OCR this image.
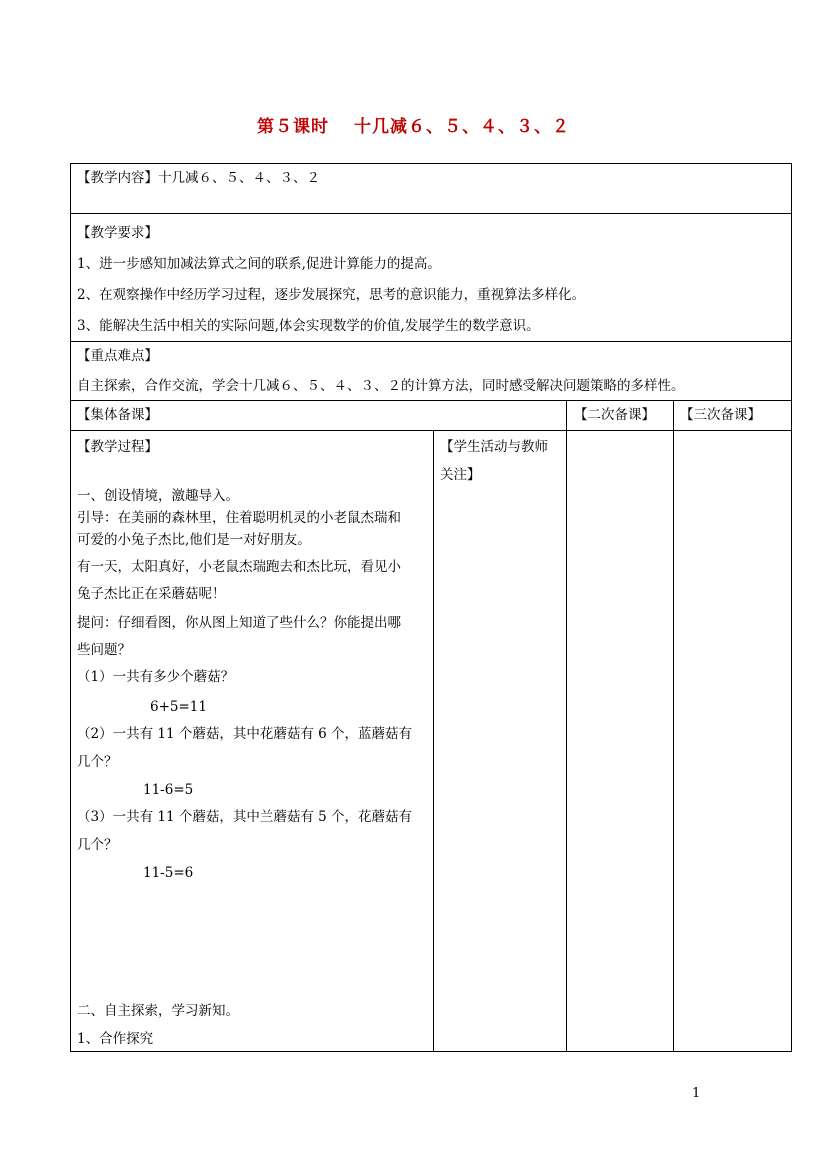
第５课时　 十几减６、５、４、３、２
【教学内容】十几减６、５、４、３、２
【教学要求】
1、进一步感知加减法算式之间的联系,促进计算能力的提高。
2、在观察操作中经历学习过程，逐步发展探究，思考的意识能力，重视算法多样化。
3、能解决生活中相关的实际问题,体会实现数学的价值,发展学生的数学意识。
【重点难点】
自主探索，合作交流，学会十几减６、５、４、３、２的计算方法，同时感受解决问题策略的多样性。
【集体备课】	【二次备课】 【三次备课】
【学生活动与教师
关注】
【教学过程】
一、创设情境，激趣导入。
引导：在美丽的森林里，住着聪明机灵的小老鼠杰瑞和
可爱的小兔子杰比,他们是一对好朋友。
有一天，太阳真好，小老鼠杰瑞跑去和杰比玩，看见小
兔子杰比正在采蘑菇呢！
提问：仔细看图，你从图上知道了些什么？你能提出哪
些问题？
（1）一共有多少个蘑菇？
6+5=11
（2）一共有 11 个蘑菇，其中花蘑菇有 6 个，蓝蘑菇有
几个？
11-6=5
（3）一共有 11 个蘑菇，其中兰蘑菇有 5 个，花蘑菇有
几个？
11-5=6
二、自主探索，学习新知。
1、合作探究
1
